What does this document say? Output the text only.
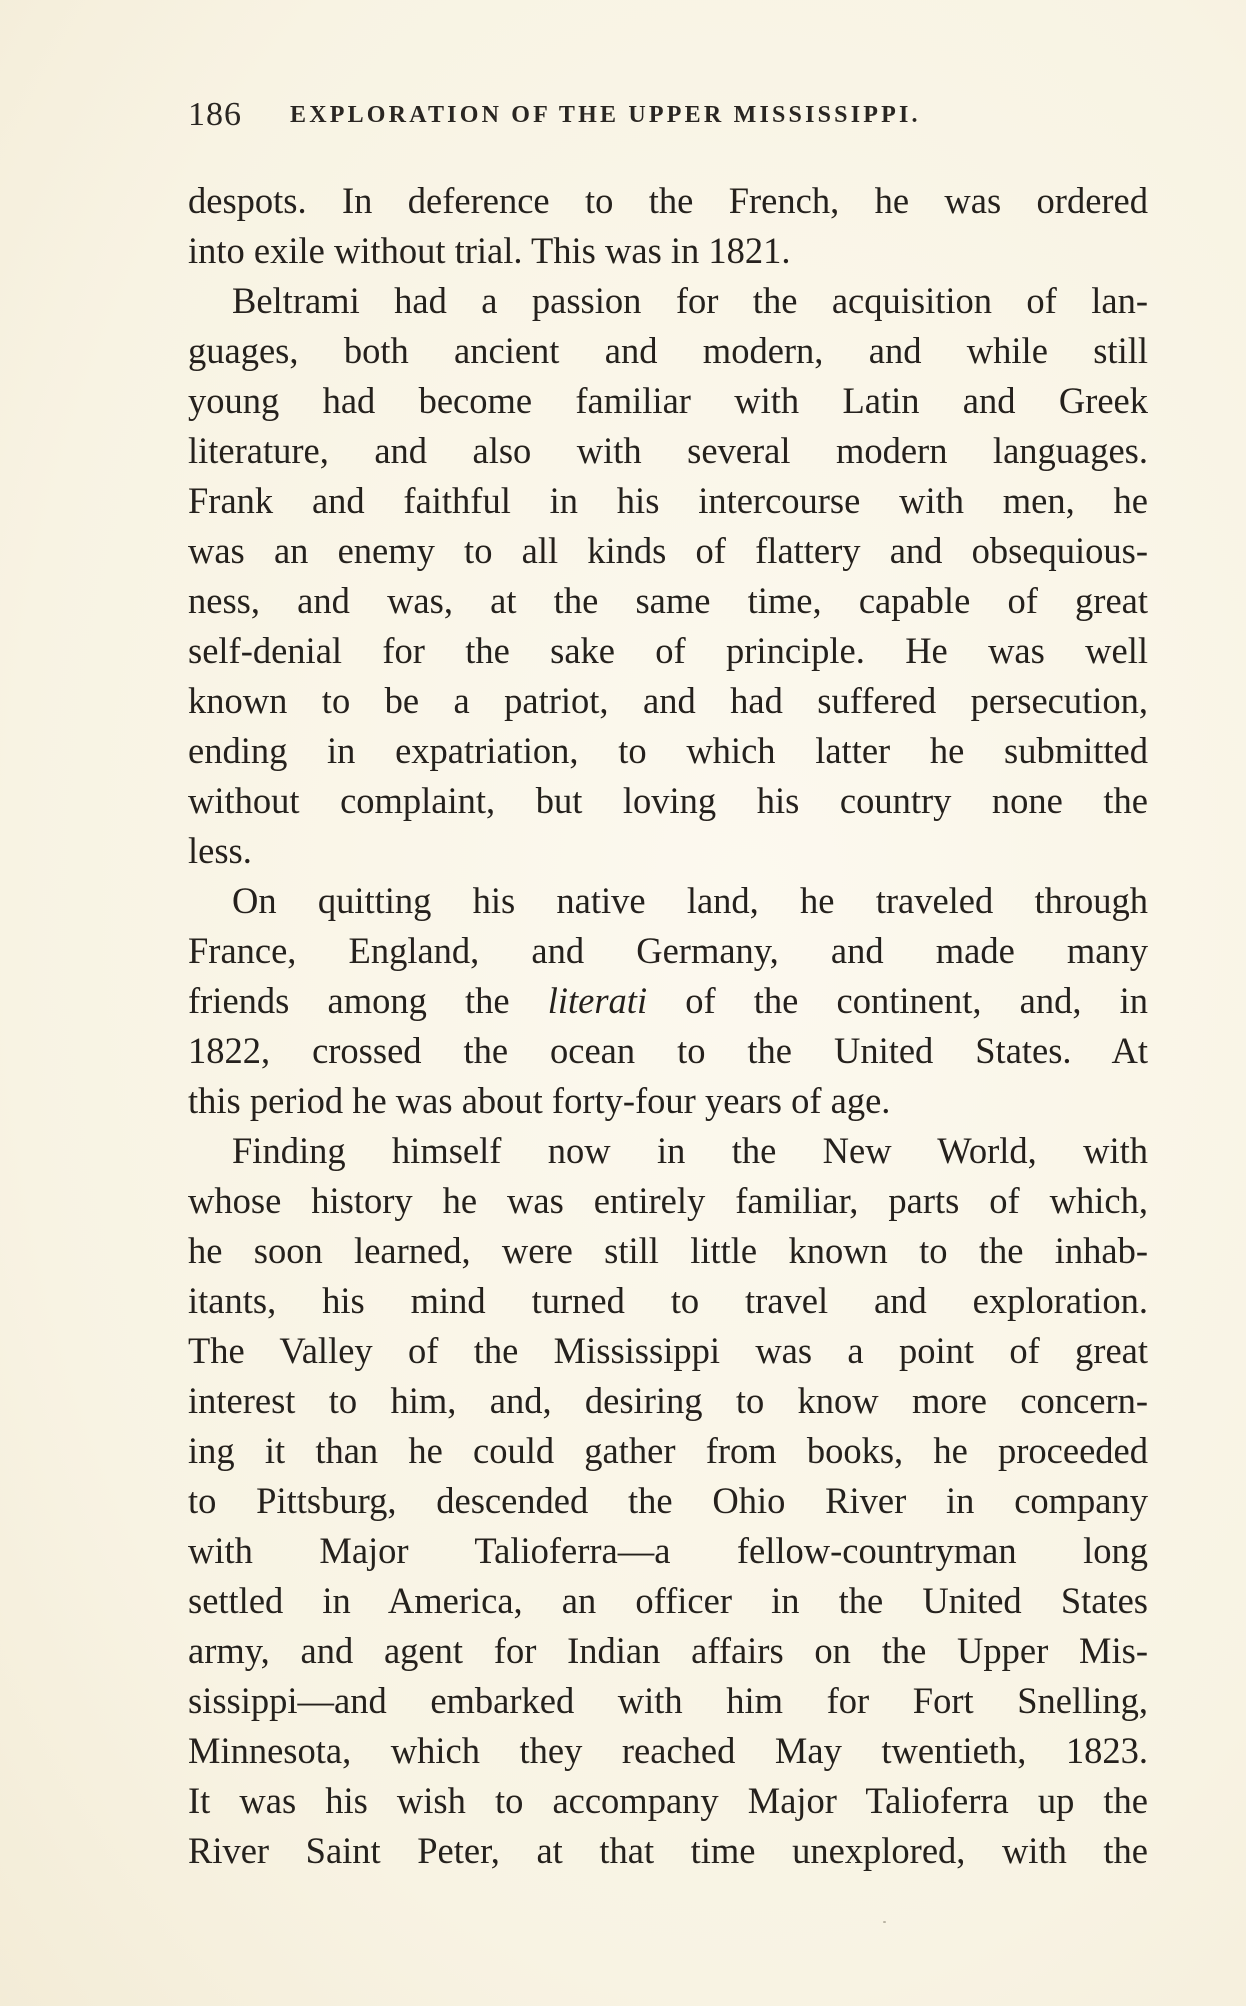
186 EXPLORATION OF THE UPPER MISSISSIPPI.
despots. In deference to the French, he was ordered
into exile without trial. This was in 1821.
Beltrami had a passion for the acquisition of lan-
guages, both ancient and modern, and while still
young had become familiar with Latin and Greek
literature, and also with several modern languages.
Frank and faithful in his intercourse with men, he
was an enemy to all kinds of flattery and obsequious-
ness, and was, at the same time, capable of great
self-denial for the sake of principle. He was well
known to be a patriot, and had suffered persecution,
ending in expatriation, to which latter he submitted
without complaint, but loving his country none the
less.
On quitting his native land, he traveled through
France, England, and Germany, and made many
friends among the literati of the continent, and, in
1822, crossed the ocean to the United States. At
this period he was about forty-four years of age.
Finding himself now in the New World, with
whose history he was entirely familiar, parts of which,
he soon learned, were still little known to the inhab-
itants, his mind turned to travel and exploration.
The Valley of the Mississippi was a point of great
interest to him, and, desiring to know more concern-
ing it than he could gather from books, he proceeded
to Pittsburg, descended the Ohio River in company
with Major Talioferra—a fellow-countryman long
settled in America, an officer in the United States
army, and agent for Indian affairs on the Upper Mis-
sissippi—and embarked with him for Fort Snelling,
Minnesota, which they reached May twentieth, 1823.
It was his wish to accompany Major Talioferra up the
River Saint Peter, at that time unexplored, with the
